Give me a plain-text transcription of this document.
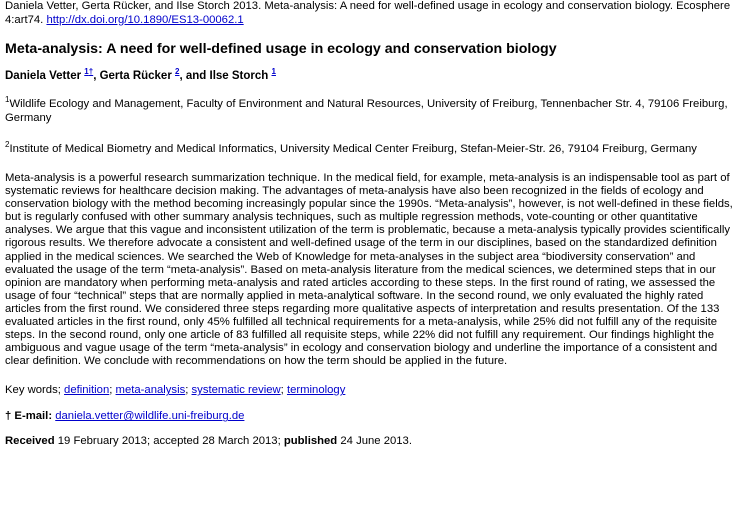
Daniela Vetter, Gerta Rücker, and Ilse Storch 2013. Meta-analysis: A need for well-defined usage in ecology and conservation biology. Ecosphere 4:art74. http://dx.doi.org/10.1890/ES13-00062.1

Meta-analysis: A need for well-defined usage in ecology and conservation biology

Daniela Vetter $^{1\dagger}$, Gerta Rücker $^2$, and Ilse Storch $^1$

$^1$Wildlife Ecology and Management, Faculty of Environment and Natural Resources, University of Freiburg, Tennenbacher Str. 4, 79106 Freiburg, Germany

$^2$Institute of Medical Biometry and Medical Informatics, University Medical Center Freiburg, Stefan-Meier-Str. 26, 79104 Freiburg, Germany

Meta-analysis is a powerful research summarization technique. In the medical field, for example, meta-analysis is an indispensable tool as part of systematic reviews for healthcare decision making. The advantages of meta-analysis have also been recognized in the fields of ecology and conservation biology with the method becoming increasingly popular since the 1990s. “Meta-analysis”, however, is not well-defined in these fields, but is regularly confused with other summary analysis techniques, such as multiple regression methods, vote-counting or other quantitative analyses. We argue that this vague and inconsistent utilization of the term is problematic, because a meta-analysis typically provides scientifically rigorous results. We therefore advocate a consistent and well-defined usage of the term in our disciplines, based on the standardized definition applied in the medical sciences. We searched the Web of Knowledge for meta-analyses in the subject area “biodiversity conservation” and evaluated the usage of the term “meta-analysis”. Based on meta-analysis literature from the medical sciences, we determined steps that in our opinion are mandatory when performing meta-analysis and rated articles according to these steps. In the first round of rating, we assessed the usage of four “technical” steps that are normally applied in meta-analytical software. In the second round, we only evaluated the highly rated articles from the first round. We considered three steps regarding more qualitative aspects of interpretation and results presentation. Of the 133 evaluated articles in the first round, only 45% fulfilled all technical requirements for a meta-analysis, while 25% did not fulfill any of the requisite steps. In the second round, only one article of 83 fulfilled all requisite steps, while 22% did not fulfill any requirement. Our findings highlight the ambiguous and vague usage of the term “meta-analysis” in ecology and conservation biology and underline the importance of a consistent and clear definition. We conclude with recommendations on how the term should be applied in the future.

Key words; definition; meta-analysis; systematic review; terminology

† E-mail: daniela.vetter@wildlife.uni-freiburg.de

Received 19 February 2013; accepted 28 March 2013; published 24 June 2013.
